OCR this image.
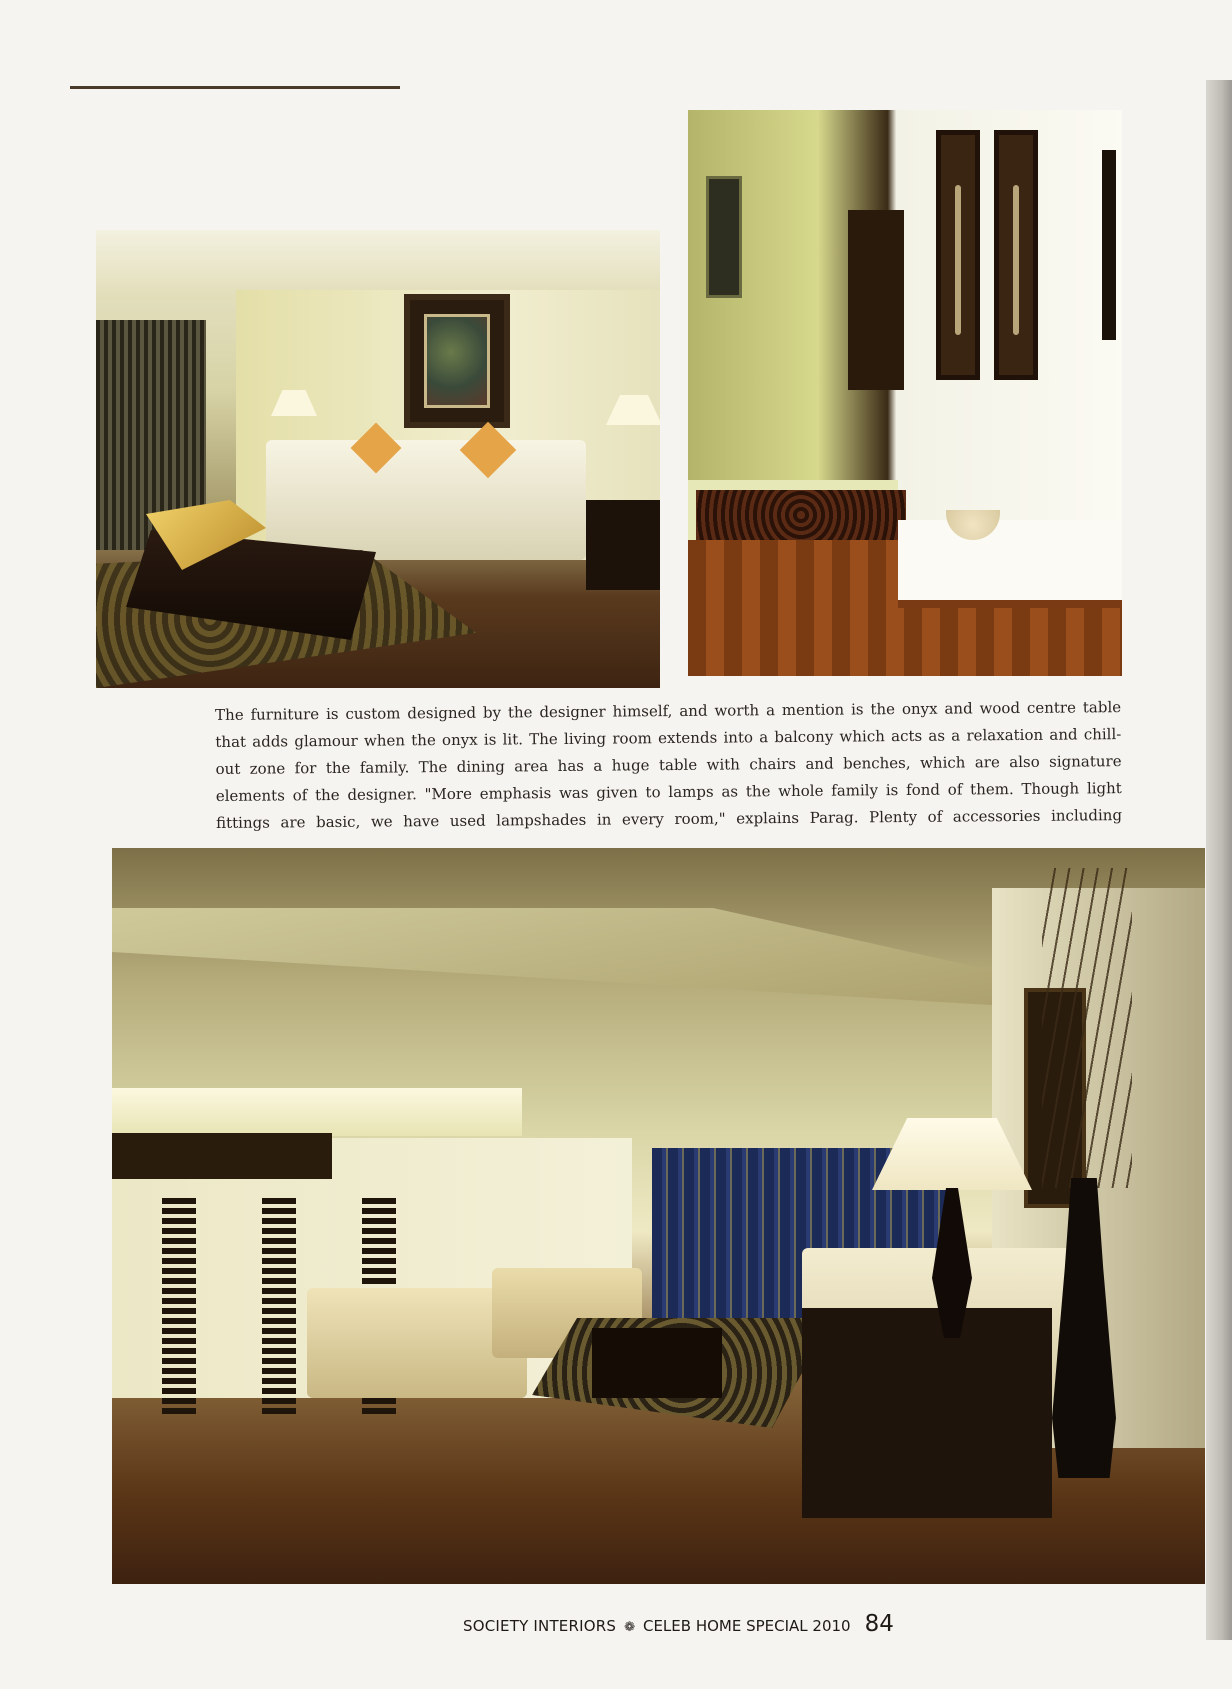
The furniture is custom designed by the designer himself, and worth a mention is the onyx and wood centre table
that adds glamour when the onyx is lit. The living room extends into a balcony which acts as a relaxation and chill-
out zone for the family. The dining area has a huge table with chairs and benches, which are also signature
elements of the designer. "More emphasis was given to lamps as the whole family is fond of them. Though light
fittings are basic, we have used lampshades in every room," explains Parag. Plenty of accessories including
SOCIETY INTERIORS ❁ CELEB HOME SPECIAL 2010 84
